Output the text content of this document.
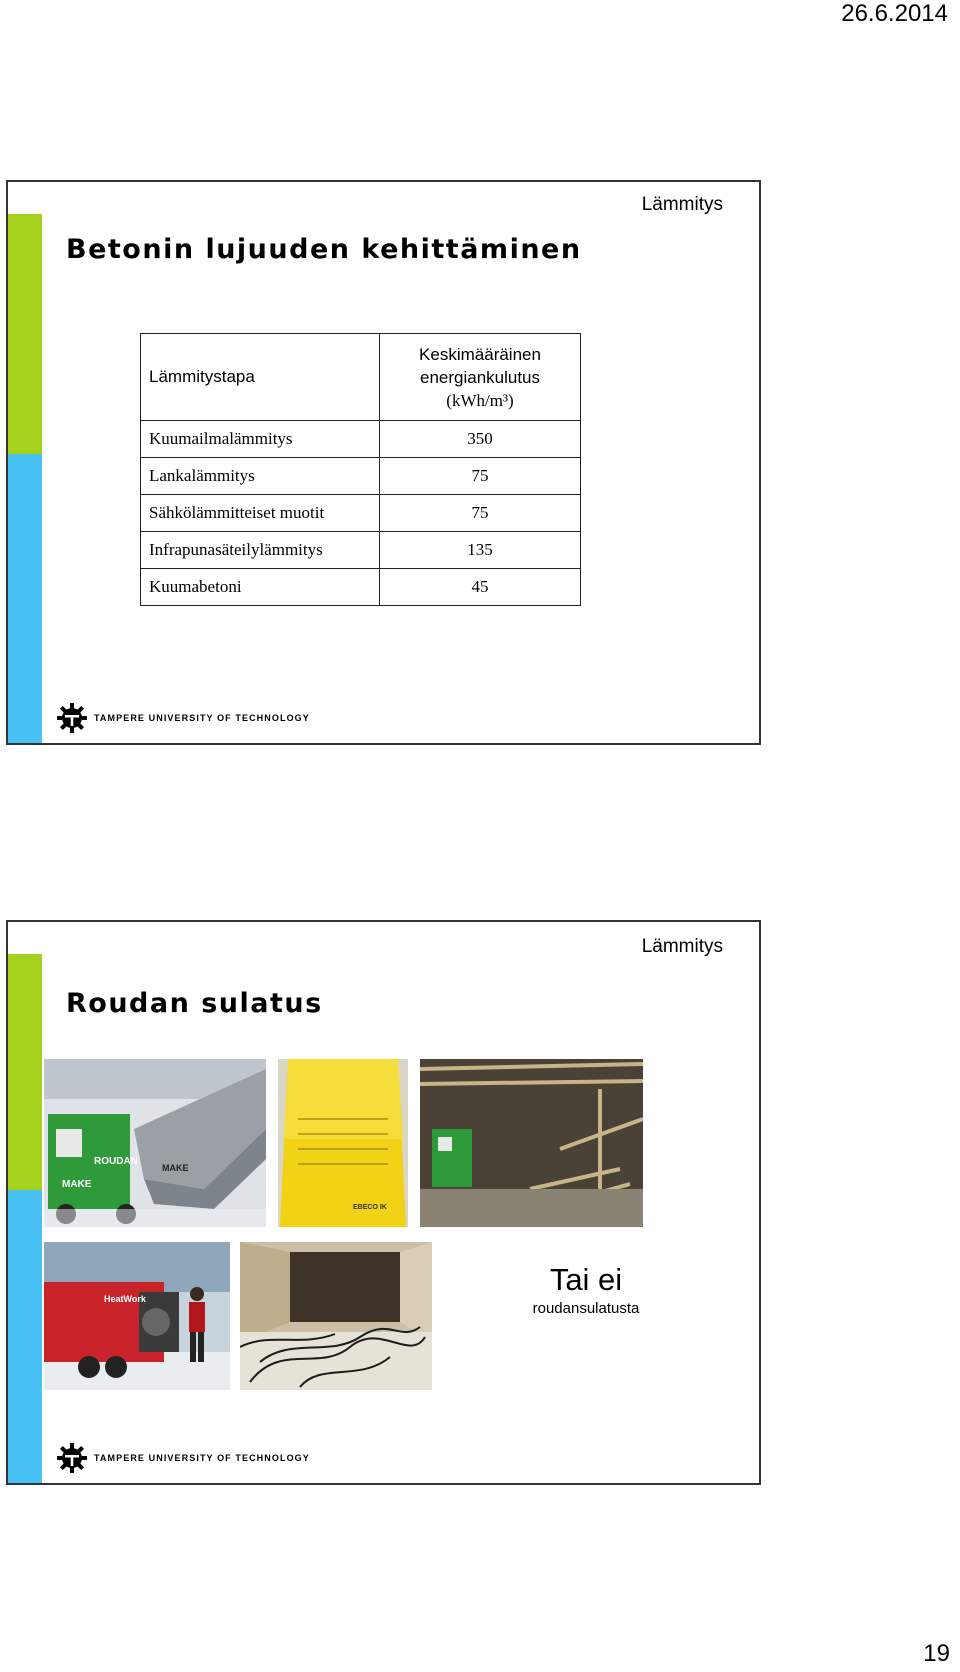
26.6.2014
Lämmitys
Betonin lujuuden kehittäminen
Lämmitystapa	Keskimääräinen
energiankulutus
(kWh/m³)

Kuumailmalämmitys	350
Lankalämmitys	75
Sähkölämmitteiset muotit	75
Infrapunasäteilylämmitys	135
Kuumabetoni	45
TAMPERE UNIVERSITY OF TECHNOLOGY
Lämmitys
Roudan sulatus
ROUDAN
MAKE
MAKE
EBECO IK
HeatWork
Tai ei
roudansulatusta
TAMPERE UNIVERSITY OF TECHNOLOGY
19
